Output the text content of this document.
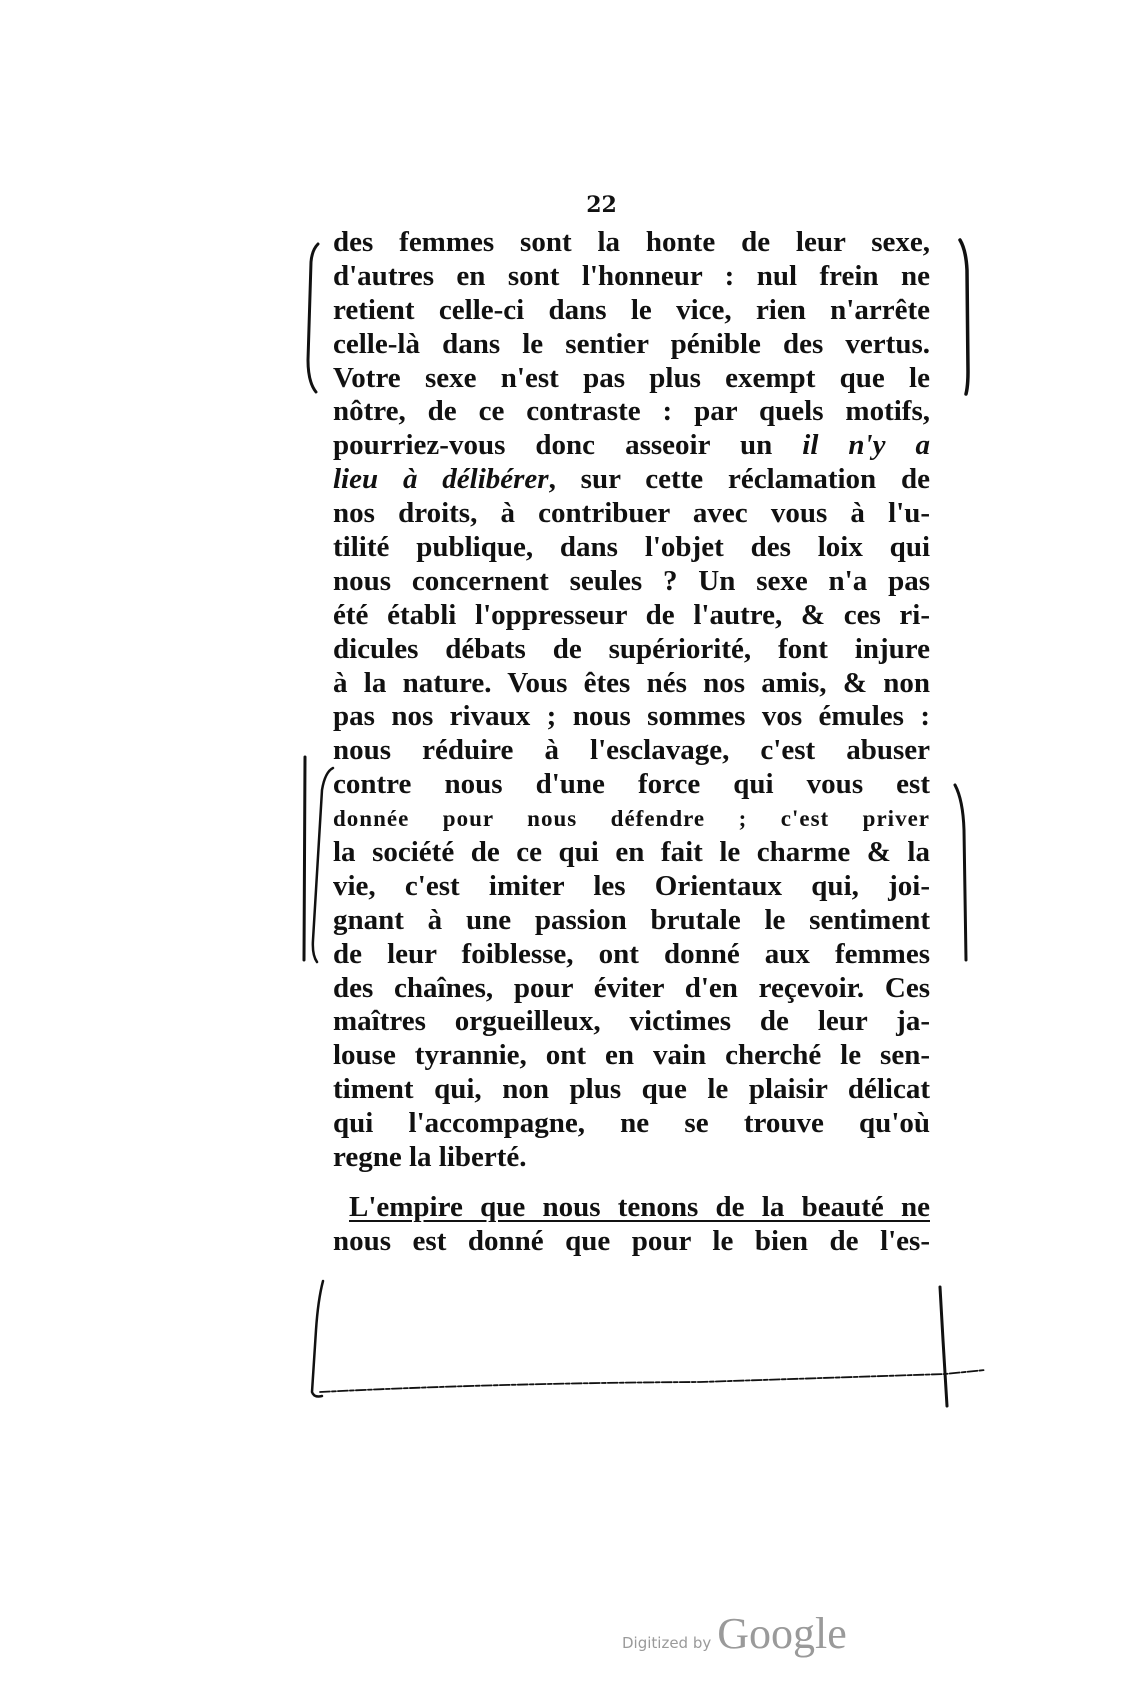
22
des femmes sont la honte de leur sexe,
d'autres en sont l'honneur : nul frein ne
retient celle-ci dans le vice, rien n'arrête
celle-là dans le sentier pénible des vertus.
Votre sexe n'est pas plus exempt que le
nôtre, de ce contraste : par quels motifs,
pourriez-vous donc asseoir un il n'y a
lieu à délibérer, sur cette réclamation de
nos droits, à contribuer avec vous à l'u-
tilité publique, dans l'objet des loix qui
nous concernent seules ? Un sexe n'a pas
été établi l'oppresseur de l'autre, & ces ri-
dicules débats de supériorité, font injure
à la nature. Vous êtes nés nos amis, & non
pas nos rivaux ; nous sommes vos émules :
nous réduire à l'esclavage, c'est abuser
contre nous d'une force qui vous est
donnée pour nous défendre ; c'est priver
la société de ce qui en fait le charme & la
vie, c'est imiter les Orientaux qui, joi-
gnant à une passion brutale le sentiment
de leur foiblesse, ont donné aux femmes
des chaînes, pour éviter d'en reçevoir. Ces
maîtres orgueilleux, victimes de leur ja-
louse tyrannie, ont en vain cherché le sen-
timent qui, non plus que le plaisir délicat
qui l'accompagne, ne se trouve qu'où
regne la liberté.
L'empire que nous tenons de la beauté ne
nous est donné que pour le bien de l'es-
Digitized by Google
